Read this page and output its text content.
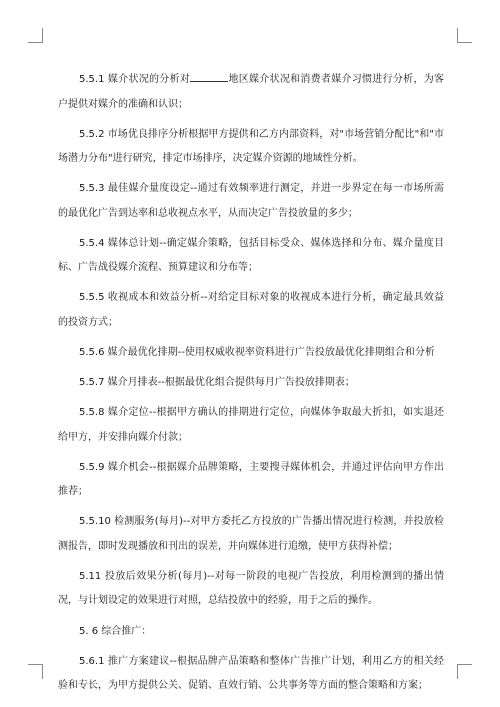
5.5.1 媒介状况的分析对	地区媒介状况和消费者媒介习惯进行分析，为客户提供对媒介的准确和认识；

5.5.2 市场优良排序分析根据甲方提供和乙方内部资料，对"市场营销分配比"和"市场潜力分布"进行研究，排定市场排序，决定媒介资源的地域性分析。

5.5.3 最佳媒介量度设定--通过有效频率进行测定，并进一步界定在每一市场所需的最优化广告到达率和总收视点水平，从而决定广告投放量的多少；

5.5.4 媒体总计划--确定媒介策略，包括目标受众、媒体选择和分布、媒介量度目标、广告战役媒介流程、预算建议和分布等；

5.5.5 收视成本和效益分析--对给定目标对象的收视成本进行分析，确定最具效益的投资方式；

5.5.6 媒介最优化排期--使用权威收视率资料进行广告投放最优化排期组合和分析

5.5.7 媒介月排表--根据最优化组合提供每月广告投放排期表；

5.5.8 媒介定位--根据甲方确认的排期进行定位，向媒体争取最大折扣，如实退还给甲方，并安排向媒介付款；

5.5.9 媒介机会--根据媒介品牌策略，主要搜寻媒体机会，并通过评估向甲方作出推荐；

5.5.10 检测服务(每月)--对甲方委托乙方投放的广告播出情况进行检测，并投放检测报告，即时发现播放和刊出的误差，并向媒体进行追缴，使甲方获得补偿；

5.11 投放后效果分析(每月)--对每一阶段的电视广告投放，利用检测到的播出情况，与计划设定的效果进行对照，总结投放中的经验，用于之后的操作。

5. 6 综合推广：

5.6.1 推广方案建议--根据品牌产品策略和整体广告推广计划，利用乙方的相关经验和专长，为甲方提供公关、促销、直效行销、公共事务等方面的整合策略和方案；
